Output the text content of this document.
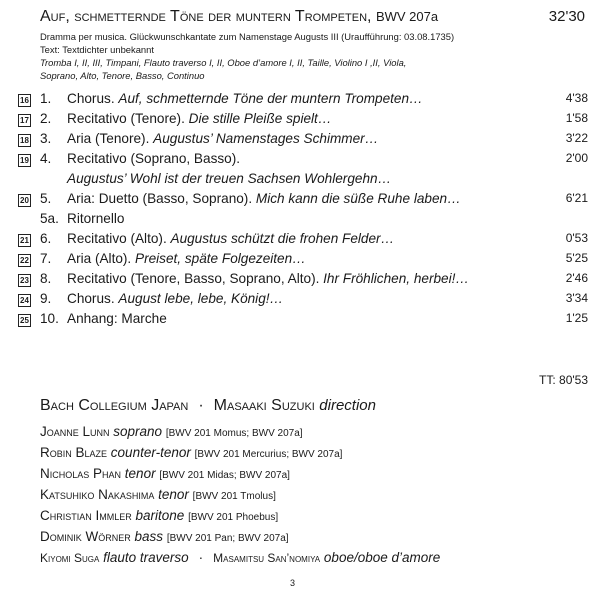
Auf, schmetternde Töne der muntern Trompeten, BWV 207a	32'30
Dramma per musica. Glückwunschkantate zum Namenstage Augusts III (Uraufführung: 03.08.1735)
Text: Textdichter unbekannt
Tromba I, II, III, Timpani, Flauto traverso I, II, Oboe d’amore I, II, Taille, Violino I ,II, Viola,
Soprano, Alto, Tenore, Basso, Continuo
16 1. Chorus. Auf, schmetternde Töne der muntern Trompeten…	4'38
17 2. Recitativo (Tenore). Die stille Pleiße spielt…	1'58
18 3. Aria (Tenore). Augustus’ Namenstages Schimmer…	3'22
19 4. Recitativo (Soprano, Basso).	2'00
Augustus’ Wohl ist der treuen Sachsen Wohlergehn…
20 5. Aria: Duetto (Basso, Soprano). Mich kann die süße Ruhe laben…	6'21
5a. Ritornello
21 6. Recitativo (Alto). Augustus schützt die frohen Felder…	0'53
22 7. Aria (Alto). Preiset, späte Folgezeiten…	5'25
23 8. Recitativo (Tenore, Basso, Soprano, Alto). Ihr Fröhlichen, herbei!…	2'46
24 9. Chorus. August lebe, lebe, König!…	3'34
25 10. Anhang: Marche	1'25
TT: 80'53
Bach Collegium Japan · Masaaki Suzuki direction
Joanne Lunn soprano [BWV 201 Momus; BWV 207a]
Robin Blaze counter-tenor [BWV 201 Mercurius; BWV 207a]
Nicholas Phan tenor [BWV 201 Midas; BWV 207a]
Katsuhiko Nakashima tenor [BWV 201 Tmolus]
Christian Immler baritone [BWV 201 Phoebus]
Dominik Wörner bass [BWV 201 Pan; BWV 207a]
Kiyomi Suga flauto traverso · Masamitsu San’nomiya oboe/oboe d’amore
3
